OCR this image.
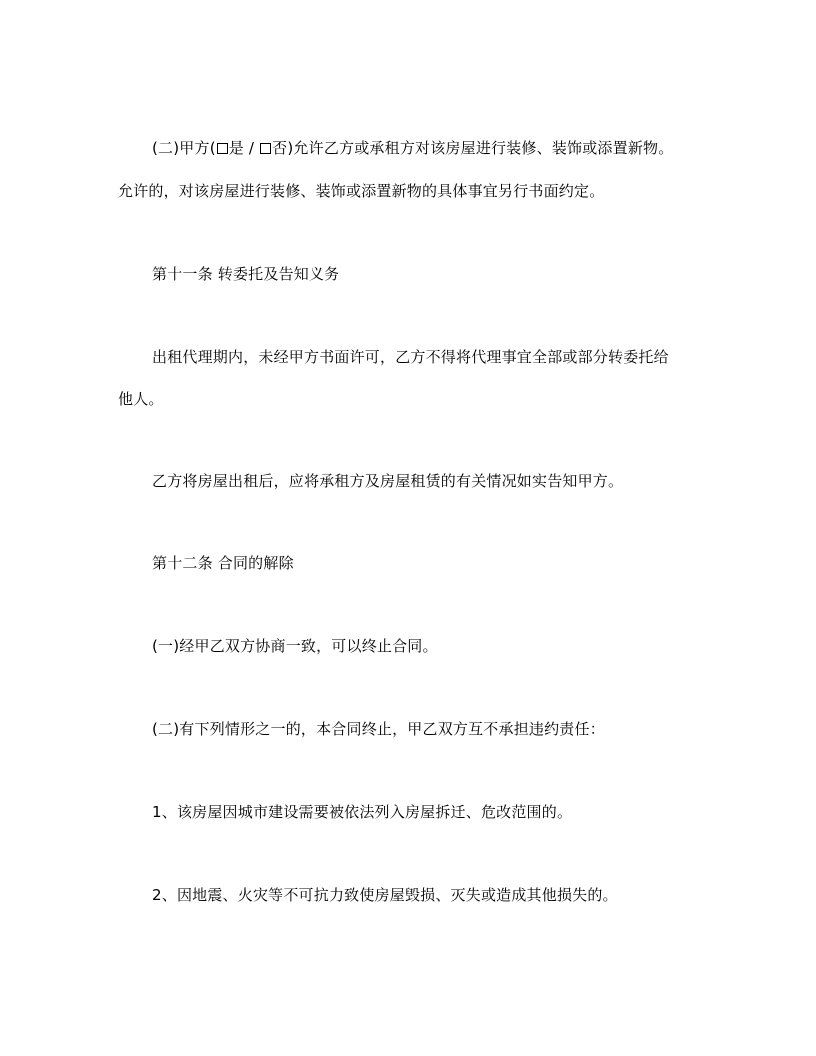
(二)甲方( 是 / 否)允许乙方或承租方对该房屋进行装修、装饰或添置新物。
允许的，对该房屋进行装修、装饰或添置新物的具体事宜另行书面约定。
第十一条 转委托及告知义务
出租代理期内，未经甲方书面许可，乙方不得将代理事宜全部或部分转委托给
他人。
乙方将房屋出租后，应将承租方及房屋租赁的有关情况如实告知甲方。
第十二条 合同的解除
(一)经甲乙双方协商一致，可以终止合同。
(二)有下列情形之一的，本合同终止，甲乙双方互不承担违约责任：
1、该房屋因城市建设需要被依法列入房屋拆迁、危改范围的。
2、因地震、火灾等不可抗力致使房屋毁损、灭失或造成其他损失的。
